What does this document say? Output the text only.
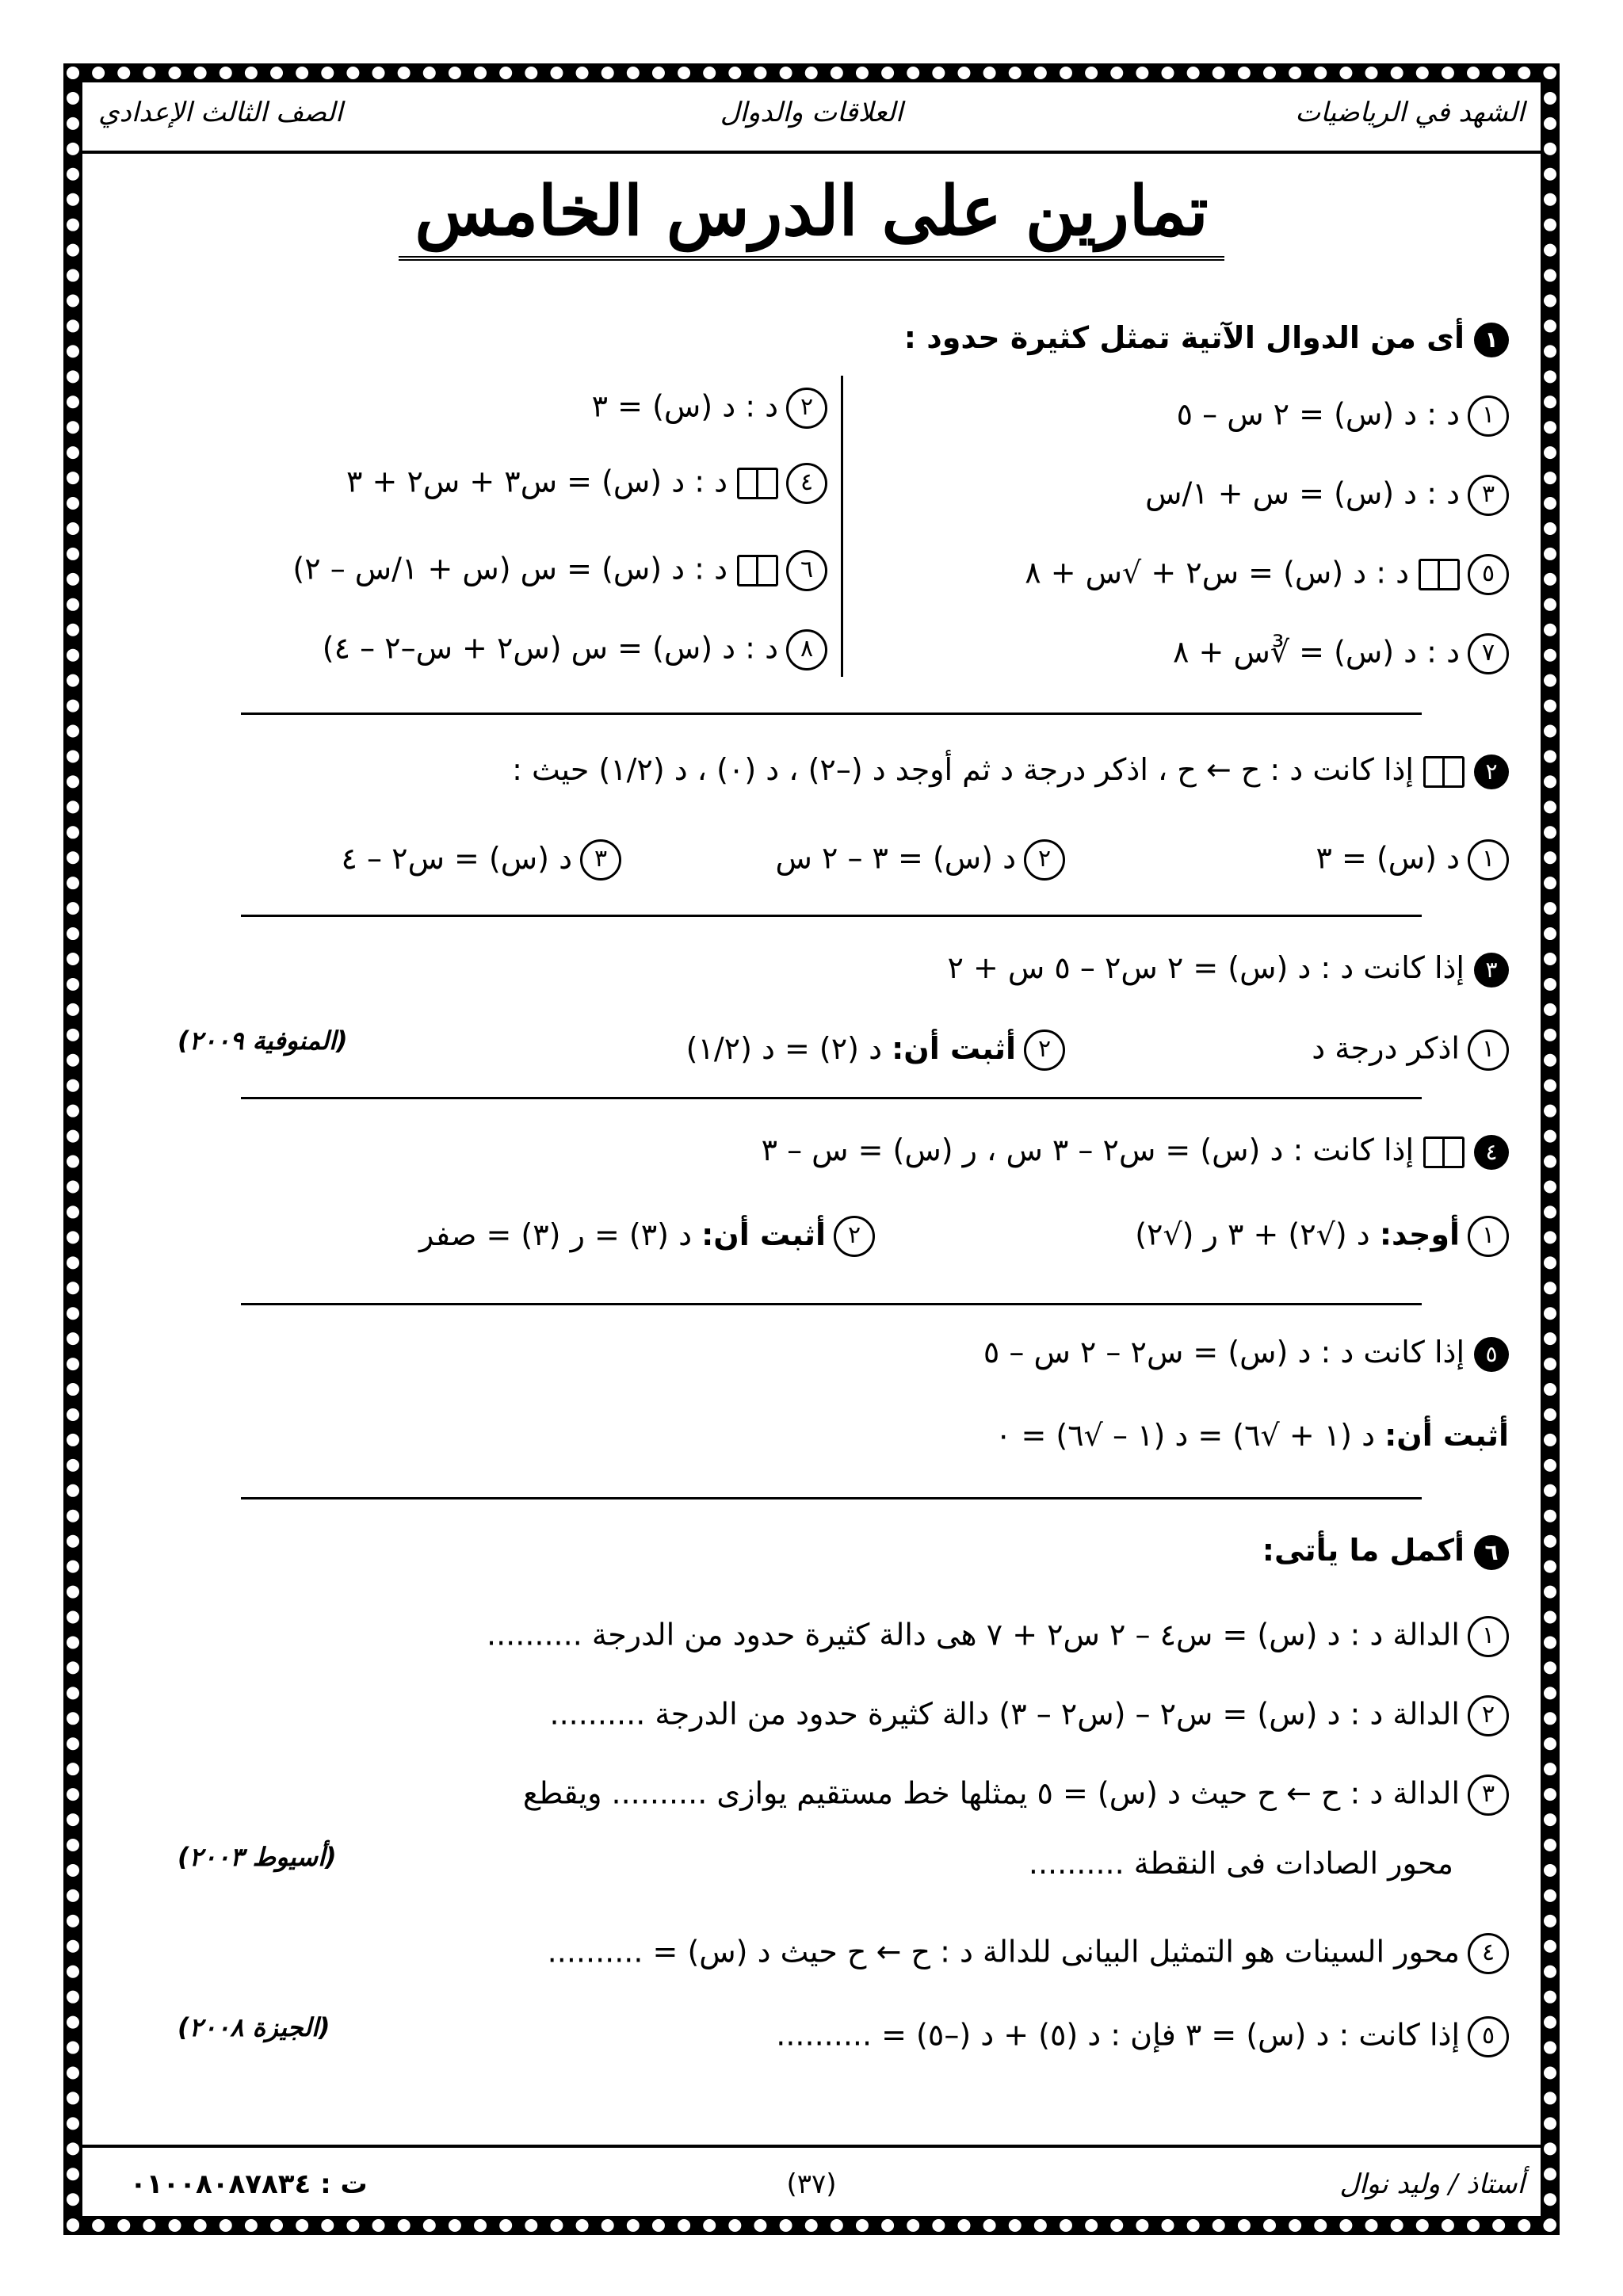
الشهد في الرياضيات
العلاقات والدوال
الصف الثالث الإعدادي
تمارين على الدرس الخامس
١أى من الدوال الآتية تمثل كثيرة حدود :
١د : د (س) = ٢ س – ٥
٢د : د (س) = ٣
٣د : د (س) = س + ١/س
٤د : د (س) = س٣ + س٢ + ٣
٥د : د (س) = س٢ + √س + ٨
٦د : د (س) = س (س + ١/س – ٢)
٧د : د (س) = ∛س + ٨
٨د : د (س) = س (س٢ + س–٢ – ٤)
٢إذا كانت د : ح ← ح ، اذكر درجة د ثم أوجد د (–٢) ، د (٠) ، د (١/٢) حيث :
١د (س) = ٣٢د (س) = ٣ – ٢ س٣د (س) = س٢ – ٤
٣إذا كانت د : د (س) = ٢ س٢ – ٥ س + ٢
١اذكر درجة د٢أثبت أن: د (٢) = د (١/٢)
(المنوفية ٢٠٠٩)
٤إذا كانت : د (س) = س٢ – ٣ س ، ر (س) = س – ٣
١أوجد: د (√٢) + ٣ ر (√٢)٢أثبت أن: د (٣) = ر (٣) = صفر
٥إذا كانت د : د (س) = س٢ – ٢ س – ٥
أثبت أن: د (١ + √٦) = د (١ – √٦) = ٠
٦أكمل ما يأتى:
١الدالة د : د (س) = س٤ – ٢ س٢ + ٧ هى دالة كثيرة حدود من الدرجة ..........
٢الدالة د : د (س) = س٢ – (س٢ – ٣) دالة كثيرة حدود من الدرجة ..........
٣الدالة د : ح ← ح حيث د (س) = ٥ يمثلها خط مستقيم يوازى .......... ويقطع
محور الصادات فى النقطة ..........
(أسيوط ٢٠٠٣)
٤محور السينات هو التمثيل البيانى للدالة د : ح ← ح حيث د (س) = ..........
٥إذا كانت : د (س) = ٣ فإن : د (٥) + د (–٥) = ..........
(الجيزة ٢٠٠٨)
أستاذ / وليد نوال
(٣٧)
ت : ٠١٠٠٨٠٨٧٨٣٤
